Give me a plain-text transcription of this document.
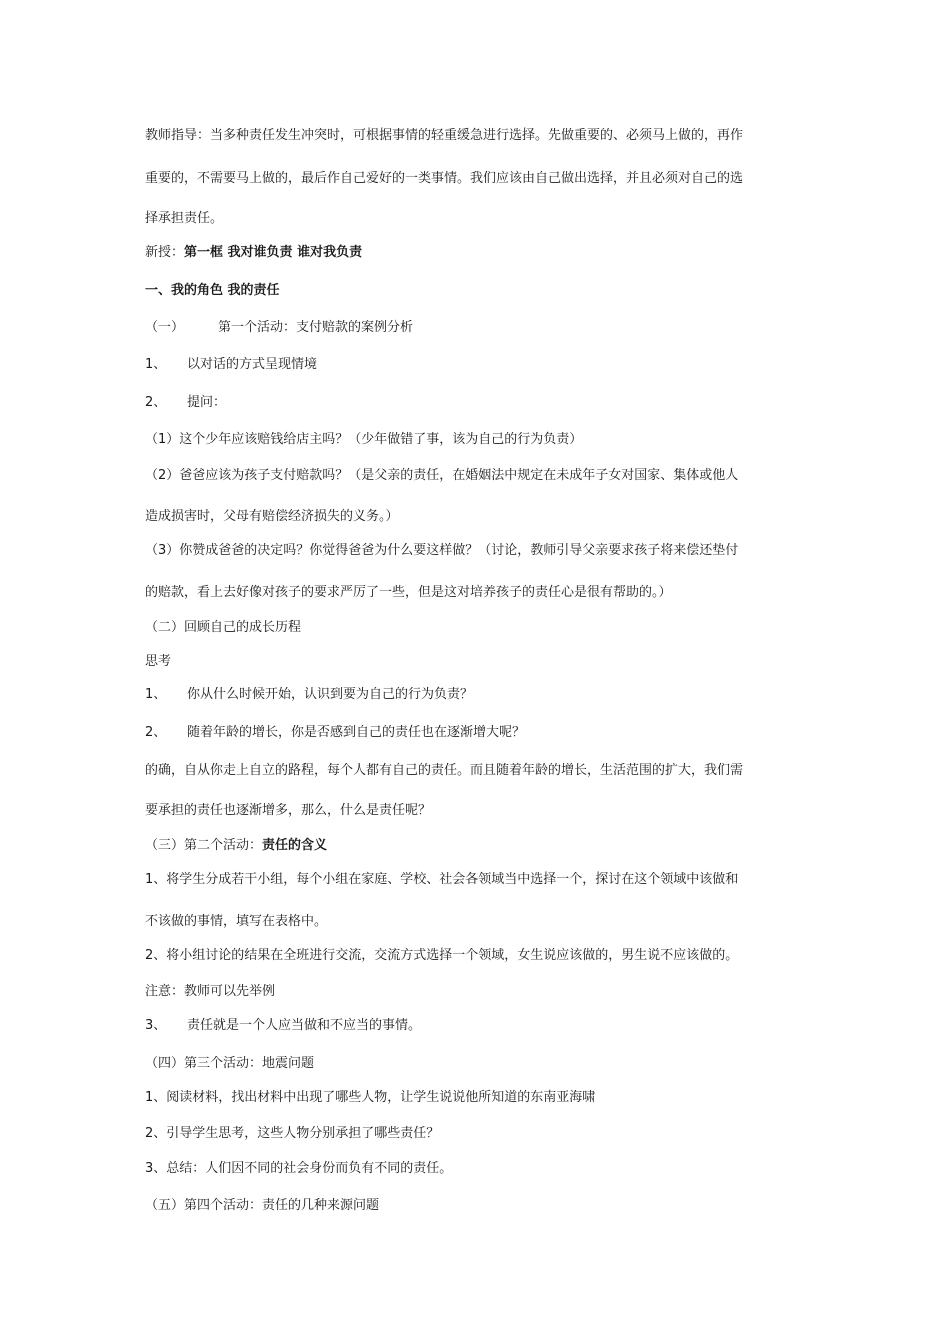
教师指导：当多种责任发生冲突时，可根据事情的轻重缓急进行选择。先做重要的、必须马上做的，再作
重要的，不需要马上做的，最后作自己爱好的一类事情。我们应该由自己做出选择，并且必须对自己的选
择承担责任。
新授：第一框 我对谁负责 谁对我负责
一、我的角色 我的责任
（一）	第一个活动：支付赔款的案例分析
1、 以对话的方式呈现情境
2、 提问：
（1）这个少年应该赔钱给店主吗？（少年做错了事，该为自己的行为负责）
（2）爸爸应该为孩子支付赔款吗？（是父亲的责任，在婚姻法中规定在未成年子女对国家、集体或他人
造成损害时，父母有赔偿经济损失的义务。）
（3）你赞成爸爸的决定吗？你觉得爸爸为什么要这样做？（讨论，教师引导父亲要求孩子将来偿还垫付
的赔款，看上去好像对孩子的要求严厉了一些，但是这对培养孩子的责任心是很有帮助的。）
（二）回顾自己的成长历程
思考
1、 你从什么时候开始，认识到要为自己的行为负责？
2、 随着年龄的增长，你是否感到自己的责任也在逐渐增大呢？
的确，自从你走上自立的路程，每个人都有自己的责任。而且随着年龄的增长，生活范围的扩大，我们需
要承担的责任也逐渐增多，那么，什么是责任呢？
（三）第二个活动：责任的含义
1、将学生分成若干小组，每个小组在家庭、学校、社会各领域当中选择一个，探讨在这个领域中该做和
不该做的事情，填写在表格中。
2、将小组讨论的结果在全班进行交流，交流方式选择一个领域，女生说应该做的，男生说不应该做的。
注意：教师可以先举例
3、 责任就是一个人应当做和不应当的事情。
（四）第三个活动：地震问题
1、阅读材料，找出材料中出现了哪些人物，让学生说说他所知道的东南亚海啸
2、引导学生思考，这些人物分别承担了哪些责任？
3、总结：人们因不同的社会身份而负有不同的责任。
（五）第四个活动：责任的几种来源问题
